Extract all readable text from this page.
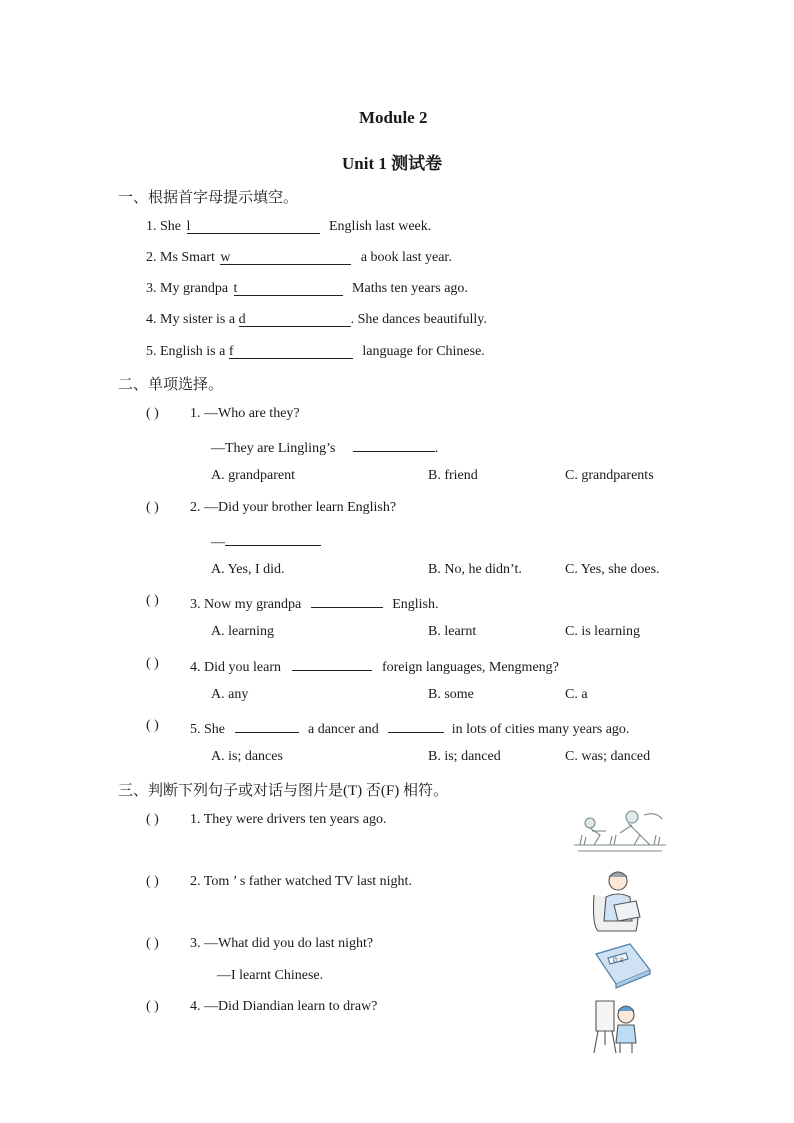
Module 2
Unit 1 测试卷
一、根据首字母提示填空。
1. She l	English last week.
2. Ms Smart w	a book last year.
3. My grandpa t	Maths ten years ago.
4. My sister is a d	. She dances beautifully.
5. English is a f	language for Chinese.
二、单项选择。
( ) 1. —Who are they?
—They are Lingling’s	.
A. grandparent	B. friend	C. grandparents
( ) 2. —Did your brother learn English?
—
A. Yes, I did.	B. No, he didn’t.	C. Yes, she does.
( ) 3. Now my grandpa	English.
A. learning	B. learnt	C. is learning
( ) 4. Did you learn	foreign languages, Mengmeng?
A. any	B. some	C. a
( ) 5. She	a dancer and	in lots of cities many years ago.
A. is; dances	B. is; danced	C. was; danced
三、判断下列句子或对话与图片是(T) 否(F) 相符。
( ) 1. They were drivers ten years ago.
( ) 2. Tom ’ s father watched TV last night.
( ) 3. —What did you do last night?
—I learnt Chinese.
( ) 4. —Did Diandian learn to draw?
语文
